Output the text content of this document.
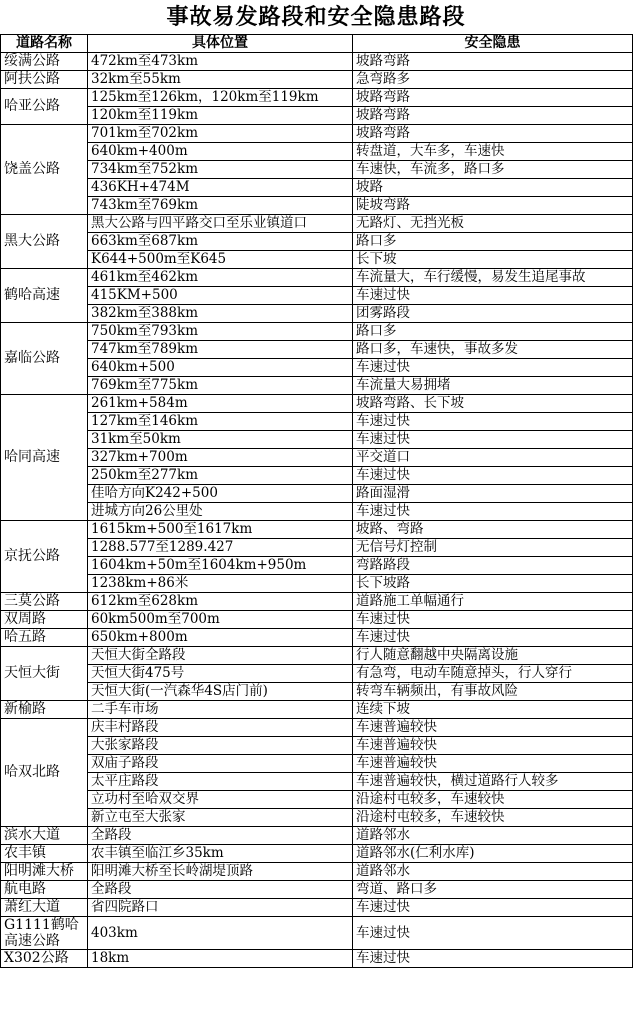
事故易发路段和安全隐患路段
道路名称	具体位置	安全隐患
绥满公路	472km至473km	坡路弯路
阿扶公路	32km至55km	急弯路多
哈亚公路	125km至126km，120km至119km	坡路弯路
	120km至119km	坡路弯路
饶盖公路	701km至702km	坡路弯路
	640km+400m	转盘道，大车多，车速快
	734km至752km	车速快，车流多，路口多
	436KH+474M	坡路
	743km至769km	陡坡弯路
黑大公路	黑大公路与四平路交口至乐业镇道口	无路灯、无挡光板
	663km至687km	路口多
	K644+500m至K645	长下坡
鹤哈高速	461km至462km	车流量大，车行缓慢，易发生追尾事故
	415KM+500	车速过快
	382km至388km	团雾路段
嘉临公路	750km至793km	路口多
	747km至789km	路口多，车速快，事故多发
	640km+500	车速过快
	769km至775km	车流量大易拥堵
哈同高速	261km+584m	坡路弯路、长下坡
	127km至146km	车速过快
	31km至50km	车速过快
	327km+700m	平交道口
	250km至277km	车速过快
	佳哈方向K242+500	路面湿滑
	进城方向26公里处	车速过快
京抚公路	1615km+500至1617km	坡路、弯路
	1288.577至1289.427	无信号灯控制
	1604km+50m至1604km+950m	弯路路段
	1238km+86米	长下坡路
三莫公路	612km至628km	道路施工单幅通行
双周路	60km500m至700m	车速过快
哈五路	650km+800m	车速过快
天恒大街	天恒大街全路段	行人随意翻越中央隔离设施
	天恒大街475号	有急弯，电动车随意掉头，行人穿行
	天恒大街(一汽森华4S店门前)	转弯车辆频出，有事故风险
新榆路	二手车市场	连续下坡
哈双北路	庆丰村路段	车速普遍较快
	大张家路段	车速普遍较快
	双庙子路段	车速普遍较快
	太平庄路段	车速普遍较快，横过道路行人较多
	立功村至哈双交界	沿途村屯较多，车速较快
	新立屯至大张家	沿途村屯较多，车速较快
滨水大道	全路段	道路邻水
农丰镇	农丰镇至临江乡35km	道路邻水(仁利水库)
阳明滩大桥	阳明滩大桥至长岭湖堤顶路	道路邻水
航电路	全路段	弯道、路口多
萧红大道	省四院路口	车速过快
G1111鹤哈高速公路	403km	车速过快
X302公路	18km	车速过快
